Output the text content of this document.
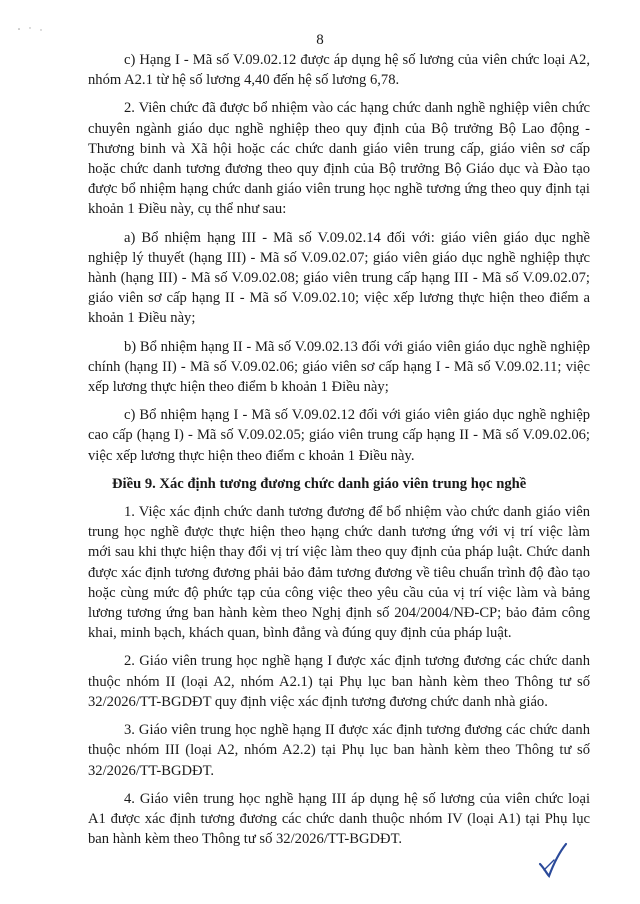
8

c) Hạng I - Mã số V.09.02.12 được áp dụng hệ số lương của viên chức loại A2, nhóm A2.1 từ hệ số lương 4,40 đến hệ số lương 6,78.

2. Viên chức đã được bổ nhiệm vào các hạng chức danh nghề nghiệp viên chức chuyên ngành giáo dục nghề nghiệp theo quy định của Bộ trưởng Bộ Lao động - Thương binh và Xã hội hoặc các chức danh giáo viên trung cấp, giáo viên sơ cấp hoặc chức danh tương đương theo quy định của Bộ trưởng Bộ Giáo dục và Đào tạo được bổ nhiệm hạng chức danh giáo viên trung học nghề tương ứng theo quy định tại khoản 1 Điều này, cụ thể như sau:

a) Bổ nhiệm hạng III - Mã số V.09.02.14 đối với: giáo viên giáo dục nghề nghiệp lý thuyết (hạng III) - Mã số V.09.02.07; giáo viên giáo dục nghề nghiệp thực hành (hạng III) - Mã số V.09.02.08; giáo viên trung cấp hạng III - Mã số V.09.02.07; giáo viên sơ cấp hạng II - Mã số V.09.02.10; việc xếp lương thực hiện theo điểm a khoản 1 Điều này;

b) Bổ nhiệm hạng II - Mã số V.09.02.13 đối với giáo viên giáo dục nghề nghiệp chính (hạng II) - Mã số V.09.02.06; giáo viên sơ cấp hạng I - Mã số V.09.02.11; việc xếp lương thực hiện theo điểm b khoản 1 Điều này;

c) Bổ nhiệm hạng I - Mã số V.09.02.12 đối với giáo viên giáo dục nghề nghiệp cao cấp (hạng I) - Mã số V.09.02.05; giáo viên trung cấp hạng II - Mã số V.09.02.06; việc xếp lương thực hiện theo điểm c khoản 1 Điều này.

Điều 9. Xác định tương đương chức danh giáo viên trung học nghề

1. Việc xác định chức danh tương đương để bổ nhiệm vào chức danh giáo viên trung học nghề được thực hiện theo hạng chức danh tương ứng với vị trí việc làm mới sau khi thực hiện thay đổi vị trí việc làm theo quy định của pháp luật. Chức danh được xác định tương đương phải bảo đảm tương đương về tiêu chuẩn trình độ đào tạo hoặc cùng mức độ phức tạp của công việc theo yêu cầu của vị trí việc làm và bảng lương tương ứng ban hành kèm theo Nghị định số 204/2004/NĐ-CP; bảo đảm công khai, minh bạch, khách quan, bình đẳng và đúng quy định của pháp luật.

2. Giáo viên trung học nghề hạng I được xác định tương đương các chức danh thuộc nhóm II (loại A2, nhóm A2.1) tại Phụ lục ban hành kèm theo Thông tư số 32/2026/TT-BGDĐT quy định việc xác định tương đương chức danh nhà giáo.

3. Giáo viên trung học nghề hạng II được xác định tương đương các chức danh thuộc nhóm III (loại A2, nhóm A2.2) tại Phụ lục ban hành kèm theo Thông tư số 32/2026/TT-BGDĐT.

4. Giáo viên trung học nghề hạng III áp dụng hệ số lương của viên chức loại A1 được xác định tương đương các chức danh thuộc nhóm IV (loại A1) tại Phụ lục ban hành kèm theo Thông tư số 32/2026/TT-BGDĐT.
